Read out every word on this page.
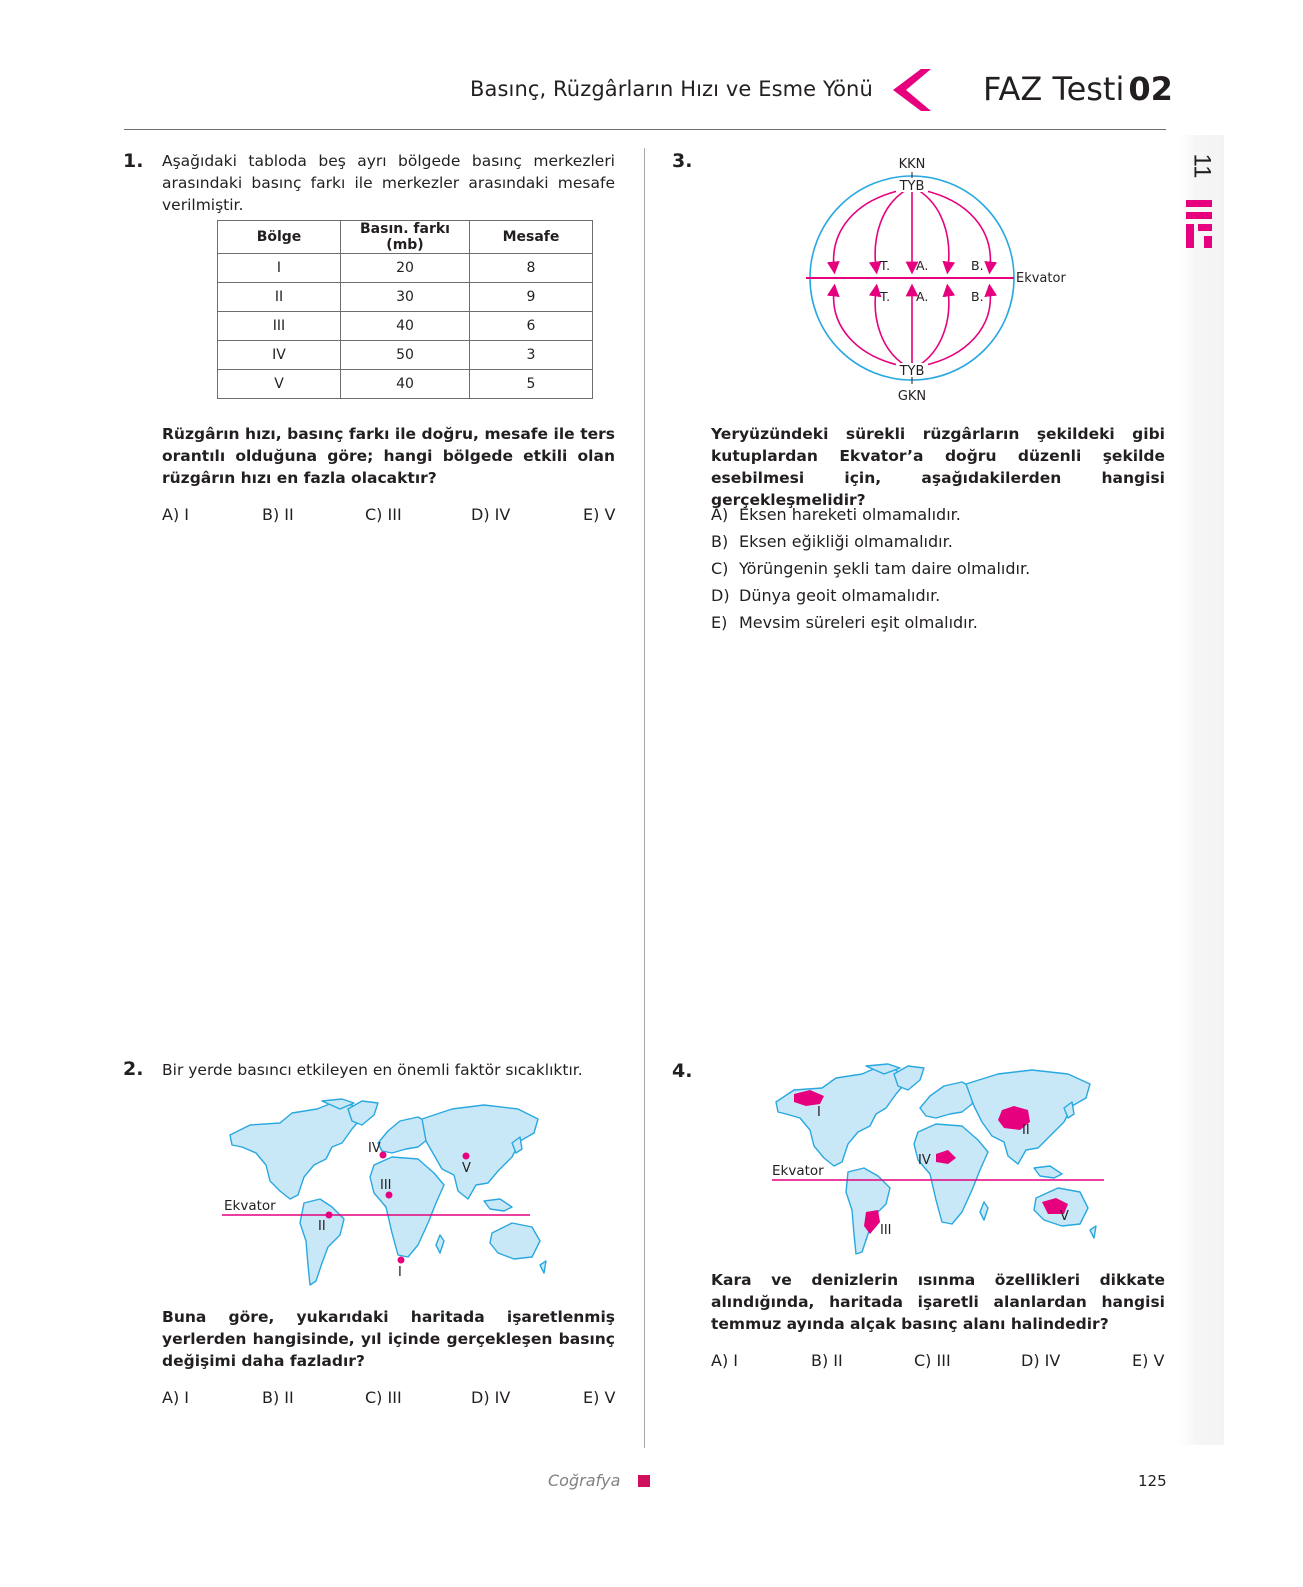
Basınç, Rüzgârların Hızı ve Esme Yönü	FAZ Testi 02
11
1. Aşağıdaki tabloda beş ayrı bölgede basınç merkezleri arasındaki basınç farkı ile merkezler arasındaki mesafe verilmiştir.
Bölge	Basın. farkı (mb)	Mesafe
I	20	8
II	30	9
III	40	6
IV	50	3
V	40	5
Rüzgârın hızı, basınç farkı ile doğru, mesafe ile ters orantılı olduğuna göre; hangi bölgede etkili olan rüzgârın hızı en fazla olacaktır?
A) I	B) II	C) III	D) IV	E) V
3.	KKN
TYB
TYB
GKN
Ekvator
T. A.	B.
T. A.	B.
Yeryüzündeki sürekli rüzgârların şekildeki gibi kutuplardan Ekvator’a doğru düzenli şekilde esebilmesi için, aşağıdakilerden hangisi gerçekleşmelidir?
A) Eksen hareketi olmamalıdır.
B) Eksen eğikliği olmamalıdır.
C) Yörüngenin şekli tam daire olmalıdır.
D) Dünya geoit olmamalıdır.
E) Mevsim süreleri eşit olmalıdır.
2. Bir yerde basıncı etkileyen en önemli faktör sıcaklıktır.
Ekvator
I
II
III
IV
V
Buna göre, yukarıdaki haritada işaretlenmiş yerlerden hangisinde, yıl içinde gerçekleşen basınç değişimi daha fazladır?
A) I	B) II	C) III	D) IV	E) V
4.
Ekvator
I
II
III
IV
V
Kara ve denizlerin ısınma özellikleri dikkate alındığında, haritada işaretli alanlardan hangisi temmuz ayında alçak basınç alanı halindedir?
A) I	B) II	C) III	D) IV	E) V
Coğrafya	125
